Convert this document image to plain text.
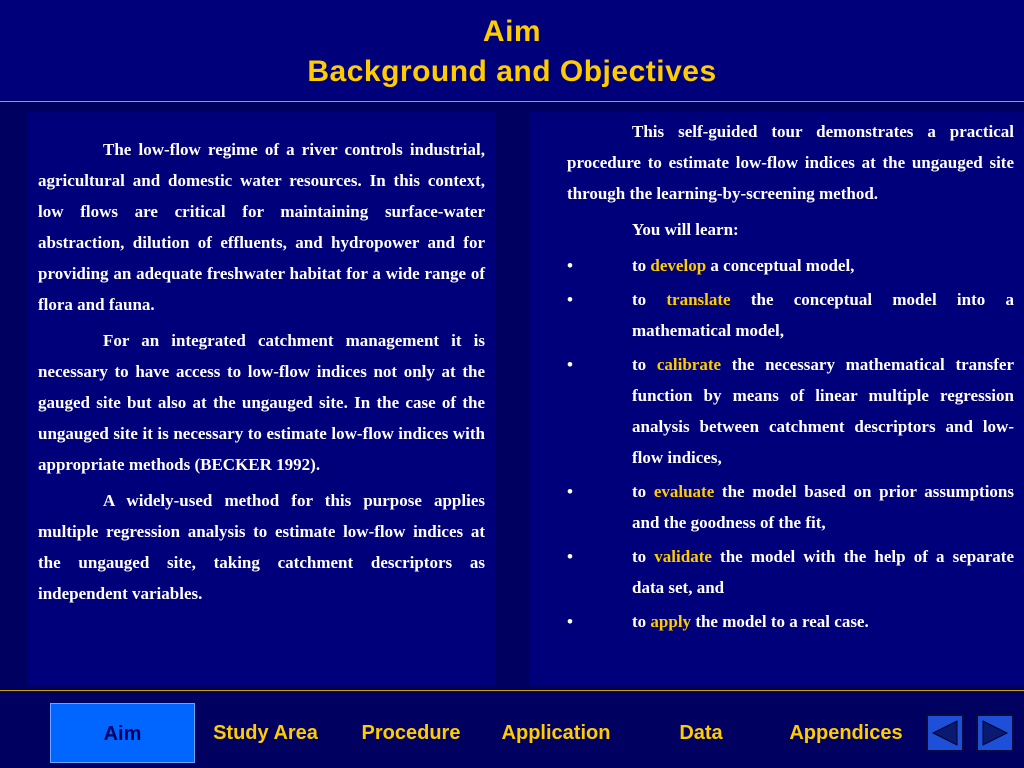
Aim
Background and Objectives

The low-flow regime of a river controls industrial, agricultural and domestic water resources. In this context, low flows are critical for maintaining surface-water abstraction, dilution of effluents, and hydropower and for providing an adequate freshwater habitat for a wide range of flora and fauna.

For an integrated catchment management it is necessary to have access to low-flow indices not only at the gauged site but also at the ungauged site. In the case of the ungauged site it is necessary to estimate low-flow indices with appropriate methods (BECKER 1992).

A widely-used method for this purpose applies multiple regression analysis to estimate low-flow indices at the ungauged site, taking catchment descriptors as independent variables.

This self-guided tour demonstrates a practical procedure to estimate low-flow indices at the ungauged site through the learning-by-screening method.
You will learn:
•	to develop a conceptual model,
•	to translate the conceptual model into a mathematical model,
•	to calibrate the necessary mathematical transfer function by means of linear multiple regression analysis between catchment descriptors and low-flow indices,
•	to evaluate the model based on prior assumptions and the goodness of the fit,
•	to validate the model with the help of a separate data set, and
•	to apply the model to a real case.
Aim	Study Area	Procedure	Application	Data	Appendices
